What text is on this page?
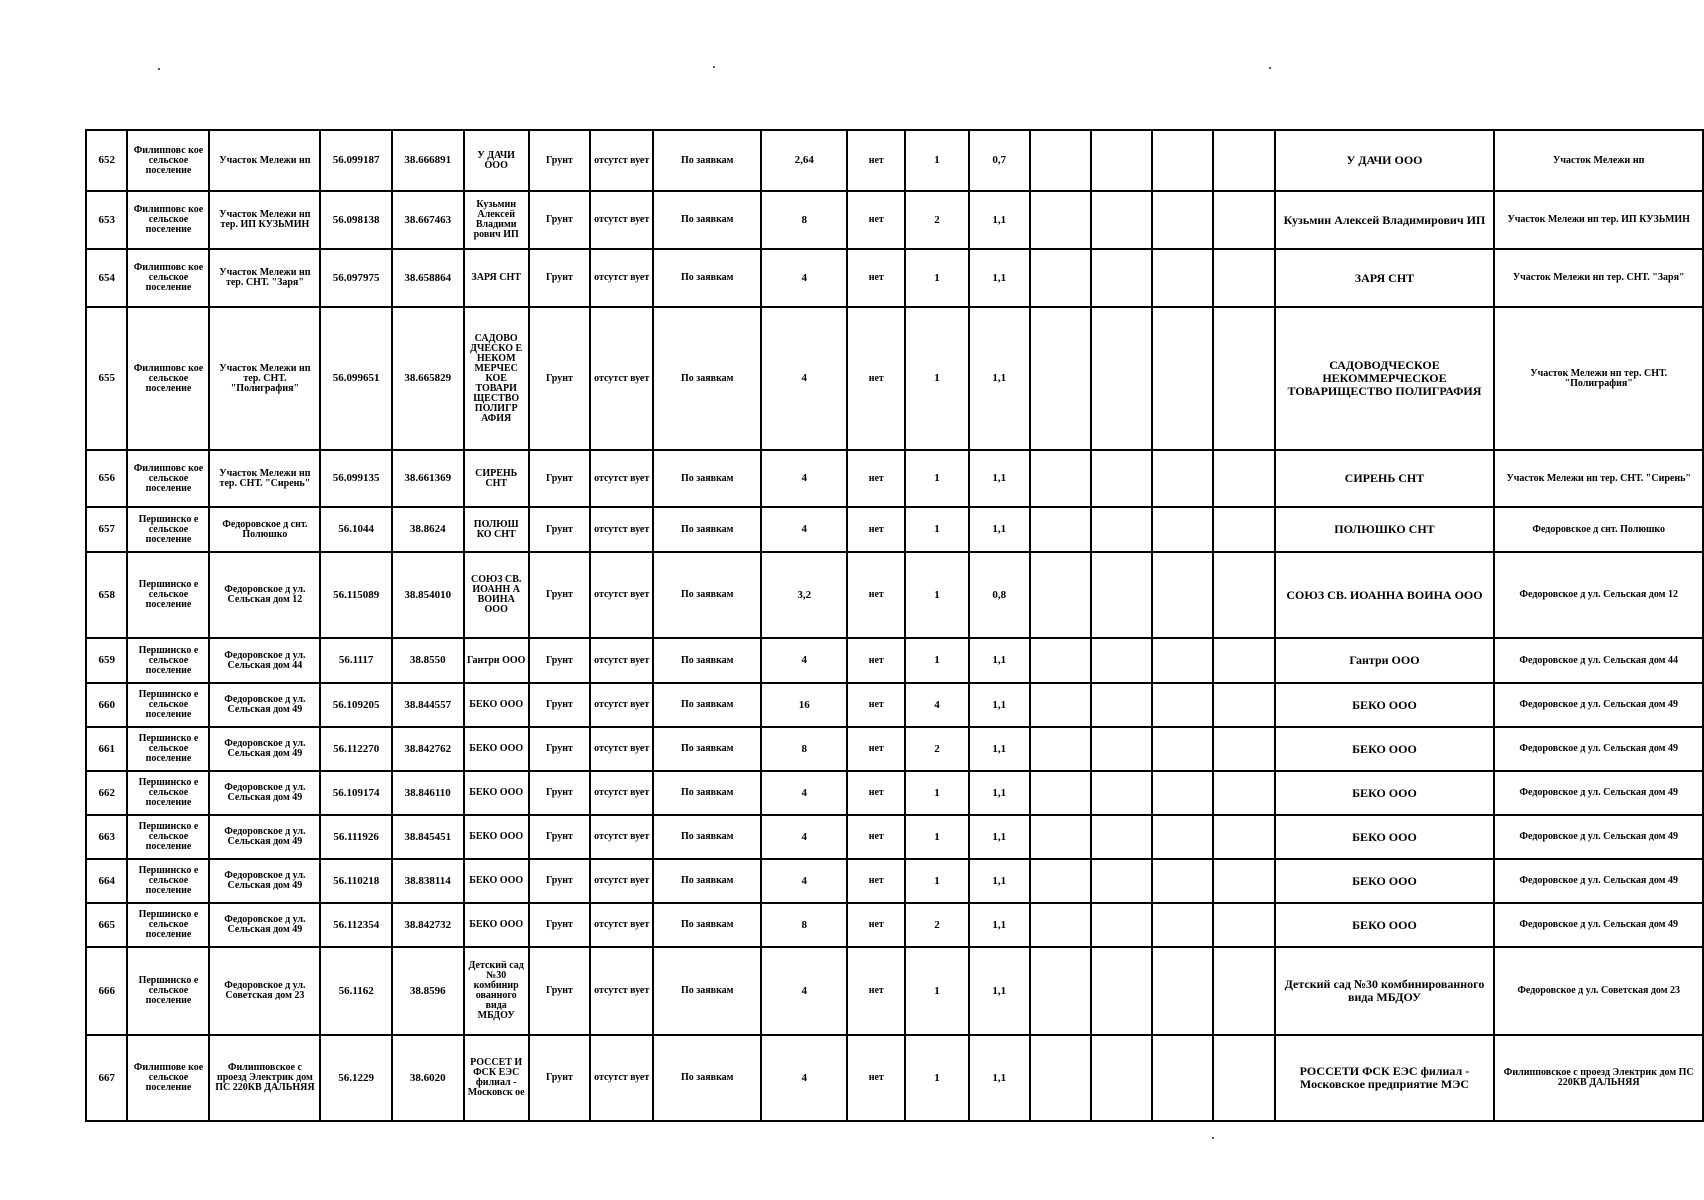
652	Филипповс кое сельское поселение	Участок Мележи нп	56.099187	38.666891	У ДАЧИ ООО	Грунт	отсутст вует	По заявкам	2,64	нет	1	0,7					У ДАЧИ ООО	Участок Мележи нп
653	Филипповс кое сельское поселение	Участок Мележи нп тер. ИП КУЗЬМИН	56.098138	38.667463	Кузьмин Алексей Владими рович ИП	Грунт	отсутст вует	По заявкам	8	нет	2	1,1					Кузьмин Алексей Владимирович ИП	Участок Мележи нп тер. ИП КУЗЬМИН
654	Филипповс кое сельское поселение	Участок Мележи нп тер. СНТ. "Заря"	56.097975	38.658864	ЗАРЯ СНТ	Грунт	отсутст вует	По заявкам	4	нет	1	1,1					ЗАРЯ СНТ	Участок Мележи нп тер. СНТ. "Заря"
655	Филипповс кое сельское поселение	Участок Мележи нп тер. СНТ. "Полиграфия"	56.099651	38.665829	САДОВО ДЧЕСКО Е НЕКОМ МЕРЧЕС КОЕ ТОВАРИ ЩЕСТВО ПОЛИГР АФИЯ	Грунт	отсутст вует	По заявкам	4	нет	1	1,1					САДОВОДЧЕСКОЕ НЕКОММЕРЧЕСКОЕ ТОВАРИЩЕСТВО ПОЛИГРАФИЯ	Участок Мележи нп тер. СНТ. "Полиграфия"
656	Филипповс кое сельское поселение	Участок Мележи нп тер. СНТ. "Сирень"	56.099135	38.661369	СИРЕНЬ СНТ	Грунт	отсутст вует	По заявкам	4	нет	1	1,1					СИРЕНЬ СНТ	Участок Мележи нп тер. СНТ. "Сирень"
657	Першинско е сельское поселение	Федоровское д снт. Полюшко	56.1044	38.8624	ПОЛЮШ КО СНТ	Грунт	отсутст вует	По заявкам	4	нет	1	1,1					ПОЛЮШКО СНТ	Федоровское д снт. Полюшко
658	Першинско е сельское поселение	Федоровское д ул. Сельская дом 12	56.115089	38.854010	СОЮЗ СВ. ИОАНН А ВОИНА ООО	Грунт	отсутст вует	По заявкам	3,2	нет	1	0,8					СОЮЗ СВ. ИОАННА ВОИНА ООО	Федоровское д ул. Сельская дом 12
659	Першинско е сельское поселение	Федоровское д ул. Сельская дом 44	56.1117	38.8550	Гантри ООО	Грунт	отсутст вует	По заявкам	4	нет	1	1,1					Гантри ООО	Федоровское д ул. Сельская дом 44
660	Першинско е сельское поселение	Федоровское д ул. Сельская дом 49	56.109205	38.844557	БЕКО ООО	Грунт	отсутст вует	По заявкам	16	нет	4	1,1					БЕКО ООО	Федоровское д ул. Сельская дом 49
661	Першинско е сельское поселение	Федоровское д ул. Сельская дом 49	56.112270	38.842762	БЕКО ООО	Грунт	отсутст вует	По заявкам	8	нет	2	1,1					БЕКО ООО	Федоровское д ул. Сельская дом 49
662	Першинско е сельское поселение	Федоровское д ул. Сельская дом 49	56.109174	38.846110	БЕКО ООО	Грунт	отсутст вует	По заявкам	4	нет	1	1,1					БЕКО ООО	Федоровское д ул. Сельская дом 49
663	Першинско е сельское поселение	Федоровское д ул. Сельская дом 49	56.111926	38.845451	БЕКО ООО	Грунт	отсутст вует	По заявкам	4	нет	1	1,1					БЕКО ООО	Федоровское д ул. Сельская дом 49
664	Першинско е сельское поселение	Федоровское д ул. Сельская дом 49	56.110218	38.838114	БЕКО ООО	Грунт	отсутст вует	По заявкам	4	нет	1	1,1					БЕКО ООО	Федоровское д ул. Сельская дом 49
665	Першинско е сельское поселение	Федоровское д ул. Сельская дом 49	56.112354	38.842732	БЕКО ООО	Грунт	отсутст вует	По заявкам	8	нет	2	1,1					БЕКО ООО	Федоровское д ул. Сельская дом 49
666	Першинско е сельское поселение	Федоровское д ул. Советская дом 23	56.1162	38.8596	Детский сад №30 комбинир ованного вида МБДОУ	Грунт	отсутст вует	По заявкам	4	нет	1	1,1					Детский сад №30 комбинированного вида МБДОУ	Федоровское д ул. Советская дом 23
667	Филиппове кое сельское поселение	Филипповское с проезд Электрик дом ПС 220КВ ДАЛЬНЯЯ	56.1229	38.6020	РОССЕТ И ФСК ЕЭС филиал - Московск ое	Грунт	отсутст вует	По заявкам	4	нет	1	1,1					РОССЕТИ ФСК ЕЭС филиал - Московское предприятие МЭС	Филипповское с проезд Электрик дом ПС 220КВ ДАЛЬНЯЯ
